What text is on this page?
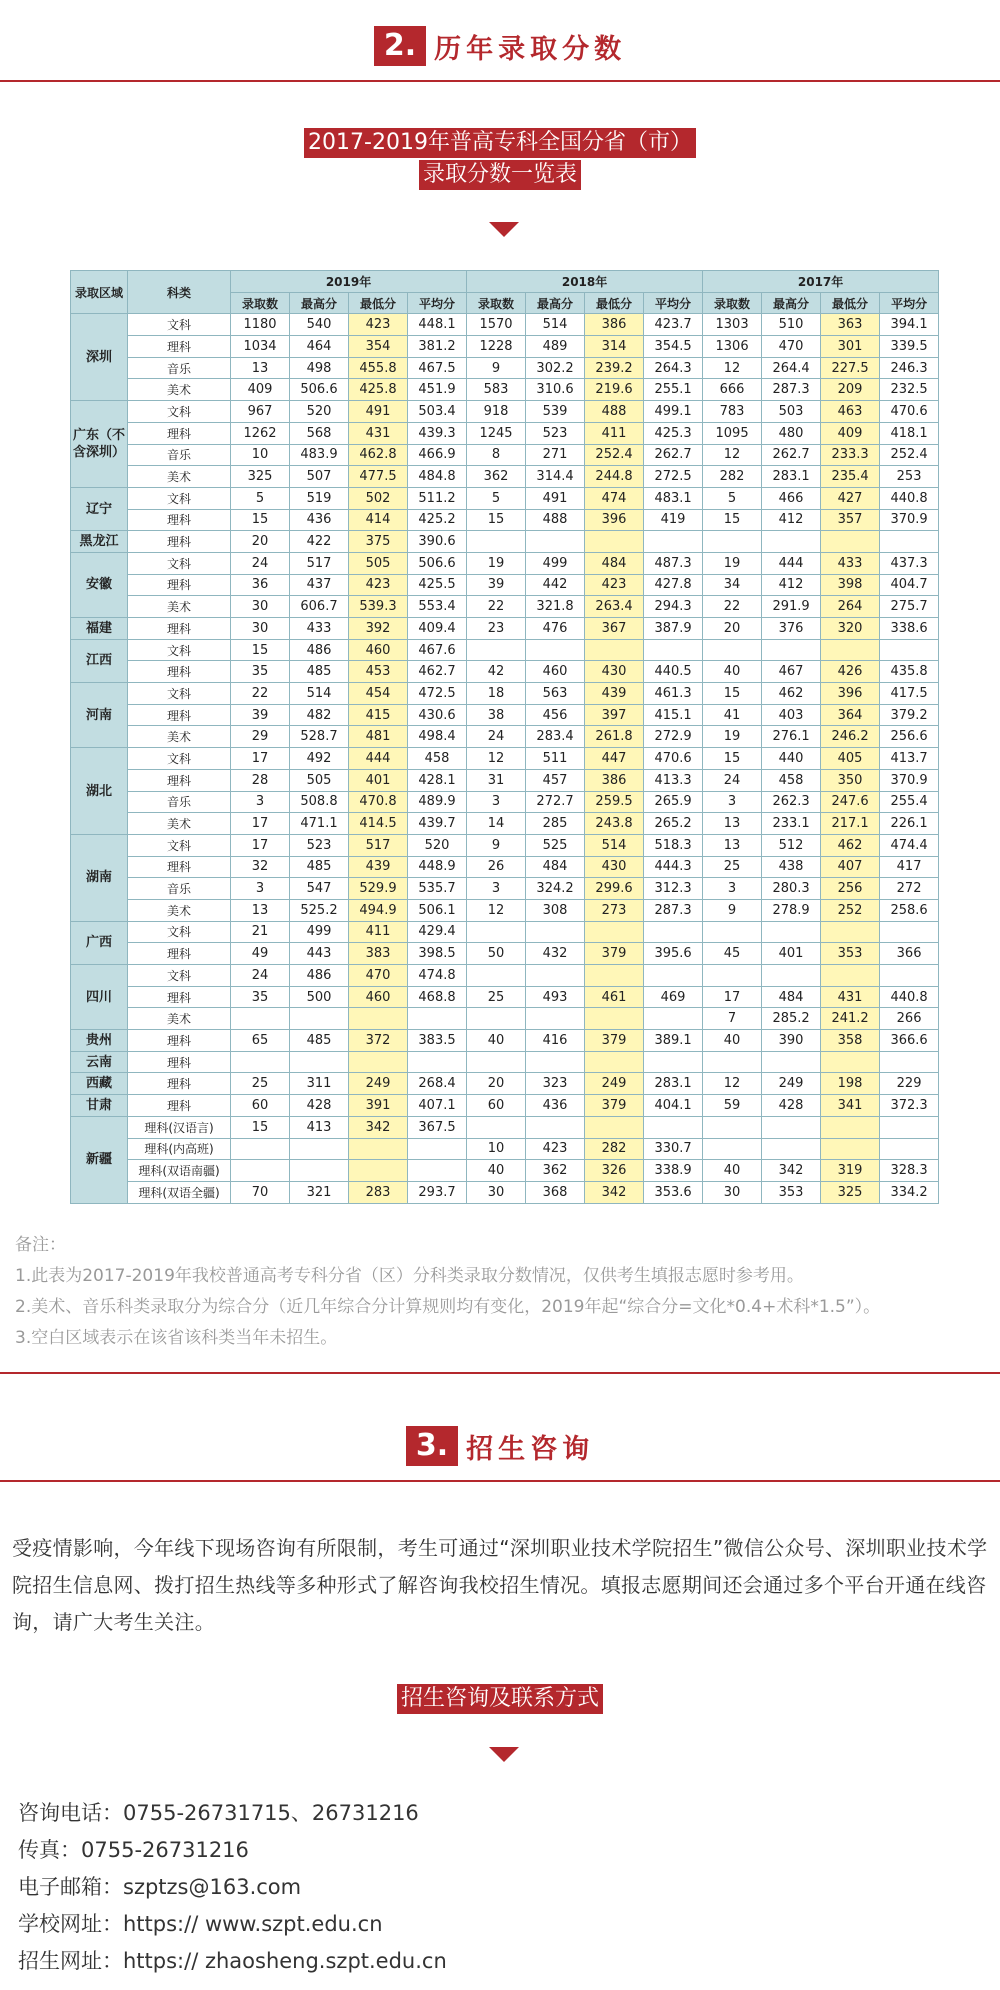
2. 历年录取分数
2017-2019年普高专科全国分省（市）
录取分数一览表
录取区域	科类	2019年				2018年				2017年			
		录取数	最高分	最低分	平均分	录取数	最高分	最低分	平均分	录取数	最高分	最低分	平均分
深圳	文科	1180	540	423	448.1	1570	514	386	423.7	1303	510	363	394.1
	理科	1034	464	354	381.2	1228	489	314	354.5	1306	470	301	339.5
	音乐	13	498	455.8	467.5	9	302.2	239.2	264.3	12	264.4	227.5	246.3
	美术	409	506.6	425.8	451.9	583	310.6	219.6	255.1	666	287.3	209	232.5
广东（不含深圳）	文科	967	520	491	503.4	918	539	488	499.1	783	503	463	470.6
	理科	1262	568	431	439.3	1245	523	411	425.3	1095	480	409	418.1
	音乐	10	483.9	462.8	466.9	8	271	252.4	262.7	12	262.7	233.3	252.4
	美术	325	507	477.5	484.8	362	314.4	244.8	272.5	282	283.1	235.4	253
辽宁	文科	5	519	502	511.2	5	491	474	483.1	5	466	427	440.8
	理科	15	436	414	425.2	15	488	396	419	15	412	357	370.9
黑龙江	理科	20	422	375	390.6								
安徽	文科	24	517	505	506.6	19	499	484	487.3	19	444	433	437.3
	理科	36	437	423	425.5	39	442	423	427.8	34	412	398	404.7
	美术	30	606.7	539.3	553.4	22	321.8	263.4	294.3	22	291.9	264	275.7
福建	理科	30	433	392	409.4	23	476	367	387.9	20	376	320	338.6
江西	文科	15	486	460	467.6								
	理科	35	485	453	462.7	42	460	430	440.5	40	467	426	435.8
河南	文科	22	514	454	472.5	18	563	439	461.3	15	462	396	417.5
	理科	39	482	415	430.6	38	456	397	415.1	41	403	364	379.2
	美术	29	528.7	481	498.4	24	283.4	261.8	272.9	19	276.1	246.2	256.6
湖北	文科	17	492	444	458	12	511	447	470.6	15	440	405	413.7
	理科	28	505	401	428.1	31	457	386	413.3	24	458	350	370.9
	音乐	3	508.8	470.8	489.9	3	272.7	259.5	265.9	3	262.3	247.6	255.4
	美术	17	471.1	414.5	439.7	14	285	243.8	265.2	13	233.1	217.1	226.1
湖南	文科	17	523	517	520	9	525	514	518.3	13	512	462	474.4
	理科	32	485	439	448.9	26	484	430	444.3	25	438	407	417
	音乐	3	547	529.9	535.7	3	324.2	299.6	312.3	3	280.3	256	272
	美术	13	525.2	494.9	506.1	12	308	273	287.3	9	278.9	252	258.6
广西	文科	21	499	411	429.4								
	理科	49	443	383	398.5	50	432	379	395.6	45	401	353	366
四川	文科	24	486	470	474.8								
	理科	35	500	460	468.8	25	493	461	469	17	484	431	440.8
	美术									7	285.2	241.2	266
贵州	理科	65	485	372	383.5	40	416	379	389.1	40	390	358	366.6
云南	理科												
西藏	理科	25	311	249	268.4	20	323	249	283.1	12	249	198	229
甘肃	理科	60	428	391	407.1	60	436	379	404.1	59	428	341	372.3
新疆	理科(汉语言)	15	413	342	367.5								
	理科(内高班)					10	423	282	330.7				
	理科(双语南疆)					40	362	326	338.9	40	342	319	328.3
	理科(双语全疆)	70	321	283	293.7	30	368	342	353.6	30	353	325	334.2

备注：

1.此表为2017-2019年我校普通高考专科分省（区）分科类录取分数情况，仅供考生填报志愿时参考用。

2.美术、音乐科类录取分为综合分（近几年综合分计算规则均有变化，2019年起“综合分=文化*0.4+术科*1.5”）。

3.空白区域表示在该省该科类当年未招生。

3. 招生咨询
受疫情影响，今年线下现场咨询有所限制，考生可通过“深圳职业技术学院招生”微信公众号、深圳职业技术学院招生信息网、拨打招生热线等多种形式了解咨询我校招生情况。填报志愿期间还会通过多个平台开通在线咨询，请广大考生关注。
招生咨询及联系方式

咨询电话：0755-26731715、26731216

传真：0755-26731216

电子邮箱：szptzs@163.com

学校网址：https:// www.szpt.edu.cn

招生网址：https:// zhaosheng.szpt.edu.cn
